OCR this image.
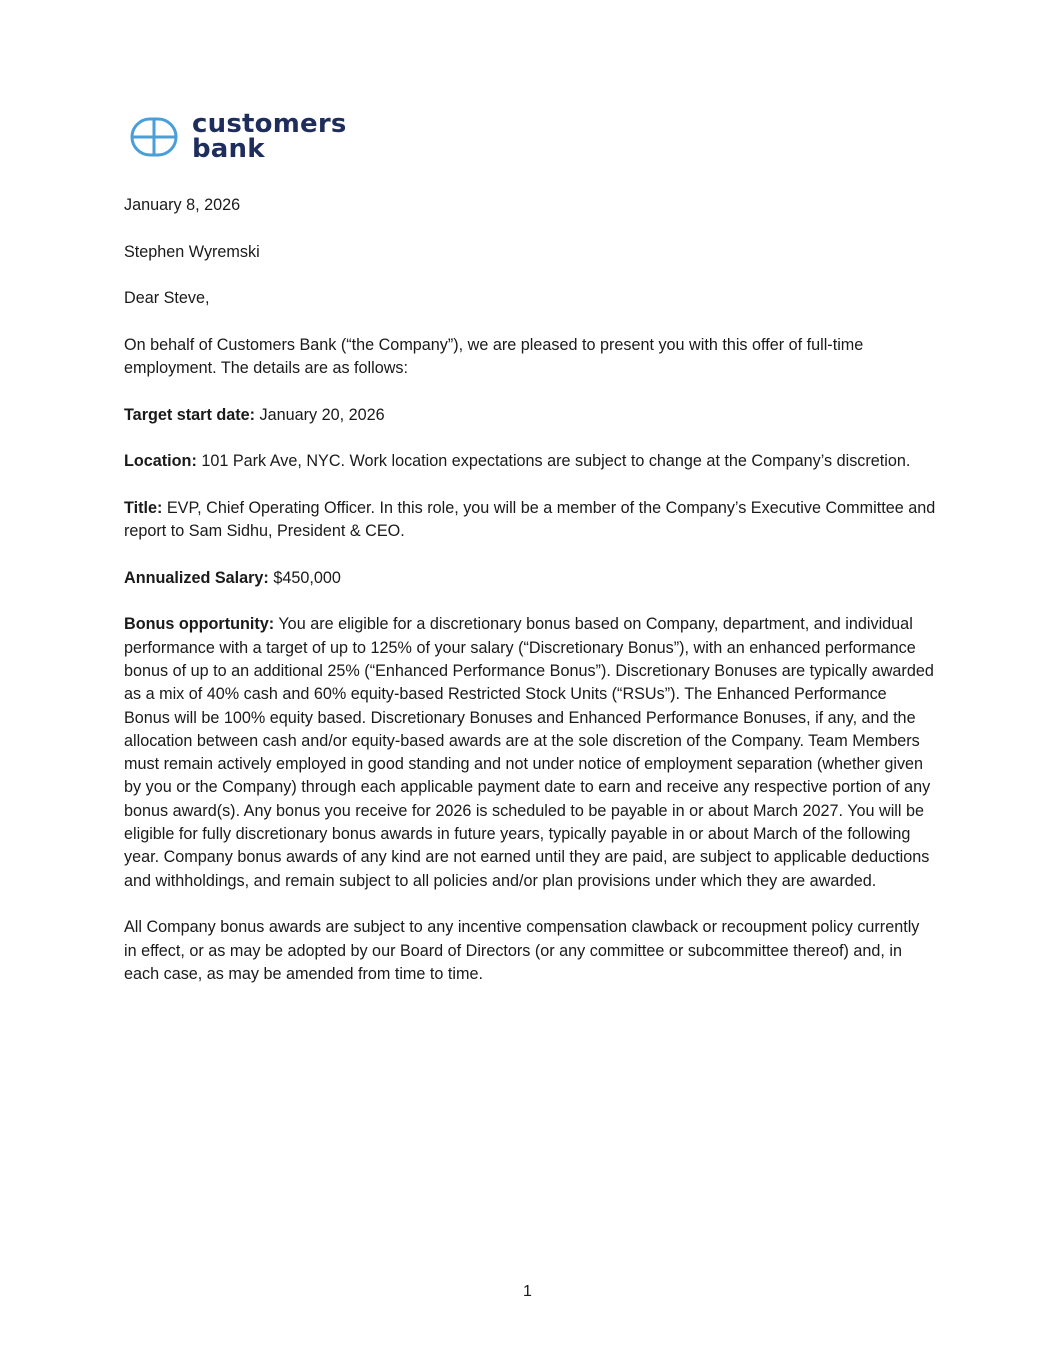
customers
bank

January 8, 2026

Stephen Wyremski

Dear Steve,

On behalf of Customers Bank (“the Company”), we are pleased to present you with this offer of full-time employment. The details are as follows:

Target start date: January 20, 2026

Location: 101 Park Ave, NYC. Work location expectations are subject to change at the Company’s discretion.

Title: EVP, Chief Operating Officer. In this role, you will be a member of the Company’s Executive Committee and report to Sam Sidhu, President & CEO.

Annualized Salary: $450,000

Bonus opportunity: You are eligible for a discretionary bonus based on Company, department, and individual performance with a target of up to 125% of your salary (“Discretionary Bonus”), with an enhanced performance bonus of up to an additional 25% (“Enhanced Performance Bonus”). Discretionary Bonuses are typically awarded as a mix of 40% cash and 60% equity-based Restricted Stock Units (“RSUs”). The Enhanced Performance Bonus will be 100% equity based. Discretionary Bonuses and Enhanced Performance Bonuses, if any, and the allocation between cash and/or equity-based awards are at the sole discretion of the Company. Team Members must remain actively employed in good standing and not under notice of employment separation (whether given by you or the Company) through each applicable payment date to earn and receive any respective portion of any bonus award(s). Any bonus you receive for 2026 is scheduled to be payable in or about March 2027. You will be eligible for fully discretionary bonus awards in future years, typically payable in or about March of the following year. Company bonus awards of any kind are not earned until they are paid, are subject to applicable deductions and withholdings, and remain subject to all policies and/or plan provisions under which they are awarded.

All Company bonus awards are subject to any incentive compensation clawback or recoupment policy currently in effect, or as may be adopted by our Board of Directors (or any committee or subcommittee thereof) and, in each case, as may be amended from time to time.

1
